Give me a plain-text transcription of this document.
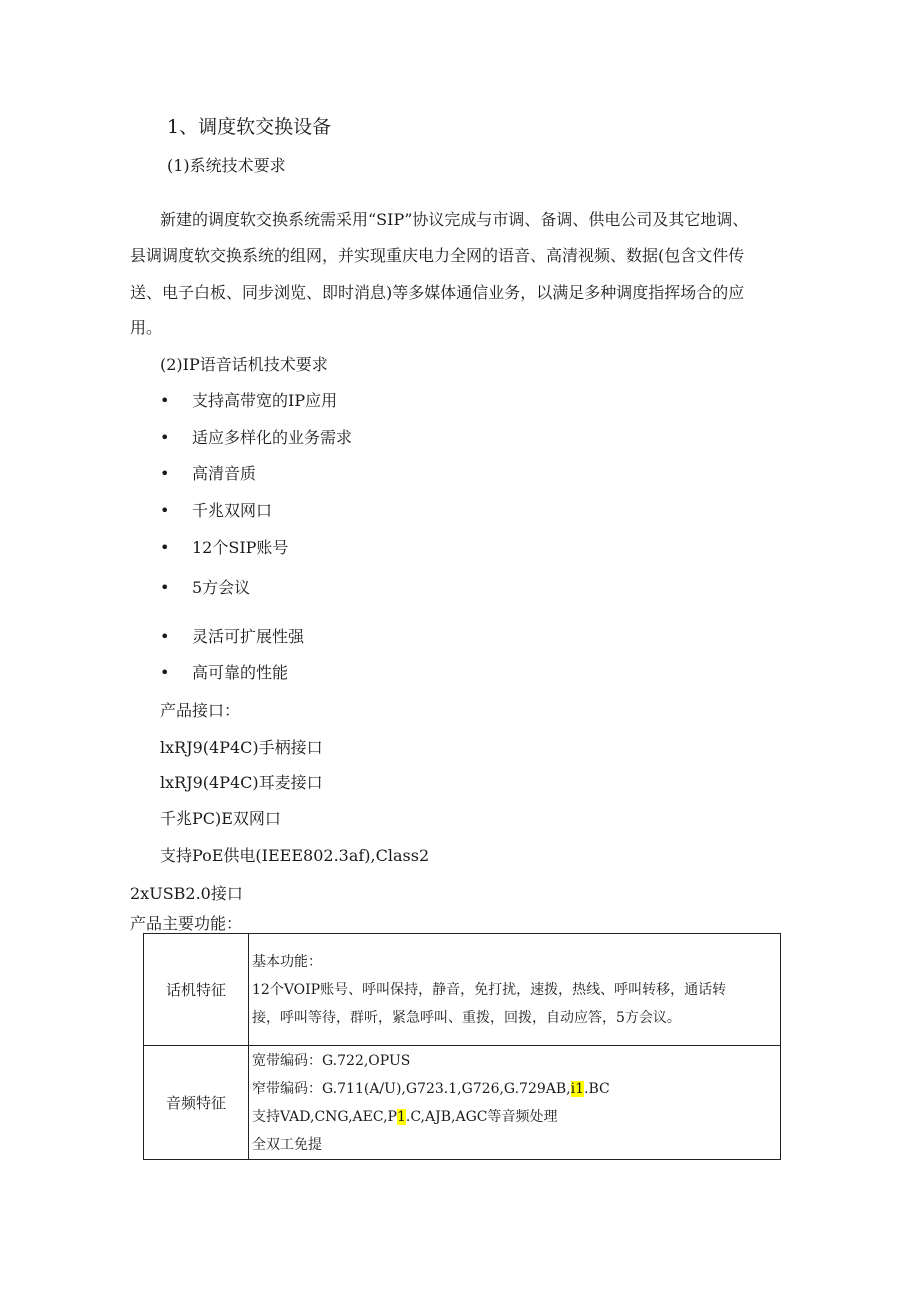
1、调度软交换设备
(1)系统技术要求
新建的调度软交换系统需采用“SIP”协议完成与市调、备调、供电公司及其它地调、
县调调度软交换系统的组网，并实现重庆电力全网的语音、高清视频、数据(包含文件传
送、电子白板、同步浏览、即时消息)等多媒体通信业务，以满足多种调度指挥场合的应
用。
(2)IP语音话机技术要求
• 支持高带宽的IP应用
• 适应多样化的业务需求
• 高清音质
• 千兆双网口
• 12个SIP账号
• 5方会议
• 灵活可扩展性强
• 高可靠的性能
产品接口：
lxRJ9(4P4C)手柄接口
lxRJ9(4P4C)耳麦接口
千兆PC)E双网口
支持PoE供电(IEEE802.3af),Class2
2xUSB2.0接口
产品主要功能：
话机特征	基本功能：
12个VOIP账号、呼叫保持，静音，免打扰，速拨，热线、呼叫转移，通话转
接，呼叫等待，群听，紧急呼叫、重拨，回拨，自动应答，5方会议。

音频特征	宽带编码：G.722,OPUS
窄带编码：G.711(A/U),G723.1,G726,G.729AB,i1.BC
支持VAD,CNG,AEC,P1.C,AJB,AGC等音频处理
全双工免提
